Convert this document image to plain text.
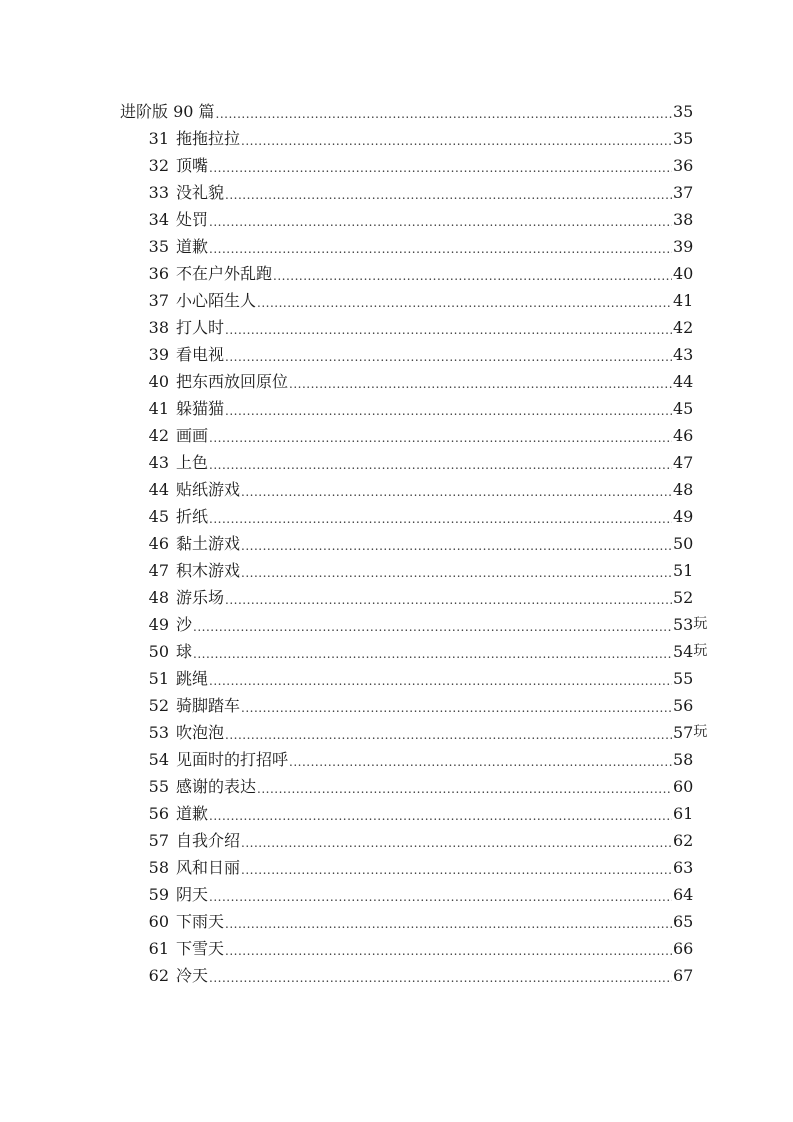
进阶版 90 篇 .....	35
31 拖拖拉拉 .....	35
32 顶嘴 .....	36
33 没礼貌 .....	37
34 处罚 .....	38
35 道歉 .....	39
36 不在户外乱跑 .....	40
37 小心陌生人 .....	41
38 打人时 .....	42
39 看电视 .....	43
40 把东西放回原位 .....	44
41 躲猫猫 .....	45
42 画画 .....	46
43 上色 .....	47
44 贴纸游戏 .....	48
45 折纸 .....	49
46 黏土游戏 .....	50
47 积木游戏 .....	51
48 游乐场 .....	52
49 沙 .....	53 玩
50 球 .....	54 玩
51 跳绳 .....	55
52 骑脚踏车 .....	56
53 吹泡泡 .....	57 玩
54 见面时的打招呼 .....	58
55 感谢的表达 .....	60
56 道歉 .....	61
57 自我介绍 .....	62
58 风和日丽 .....	63
59 阴天 .....	64
60 下雨天 .....	65
61 下雪天 .....	66
62 冷天 .....	67
